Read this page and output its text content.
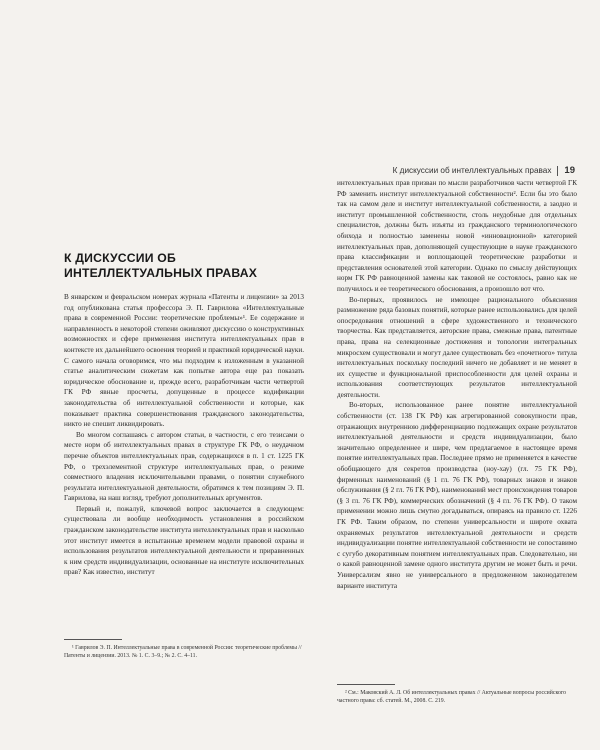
К дискуссии об интеллектуальных правах 19
К ДИСКУССИИ ОБ ИНТЕЛЛЕКТУАЛЬНЫХ ПРАВАХ

В январском и февральском номерах журнала «Патенты и лицензии» за 2013 год опубликована статья профессора Э. П. Гаврилова «Интеллектуальные права в современной России: теоретические проблемы»¹. Ее содержание и направленность в некоторой степени оживляют дискуссию о конструктивных возможностях и сфере применения института интеллектуальных прав в контексте их дальнейшего освоения теорией и практикой юридической науки. С самого начала оговоримся, что мы подходим к изложенным в указанной статье аналитическим сюжетам как попытке автора еще раз показать юридическое обоснование и, прежде всего, разработчикам части четвертой ГК РФ явные просчеты, допущенные в процессе кодификации законодательства об интеллектуальной собственности и которые, как показывает практика совершенствования гражданского законодательства, никто не спешит ликвидировать.

Во многом соглашаясь с автором статьи, в частности, с его тезисами о месте норм об интеллектуальных правах в структуре ГК РФ, о неудачном перечне объектов интеллектуальных прав, содержащихся в п. 1 ст. 1225 ГК РФ, о трехэлементной структуре интеллектуальных прав, о режиме совместного владения исключительными правами, о понятии служебного результата интеллектуальной деятельности, обратимся к тем позициям Э. П. Гаврилова, на наш взгляд, требуют дополнительных аргументов.

Первый и, пожалуй, ключевой вопрос заключается в следующем: существовала ли вообще необходимость установления в российском гражданском законодательстве института интеллектуальных прав и насколько этот институт имеется в испытанные временем модели правовой охраны и использования результатов интеллектуальной деятельности и приравненных к ним средств индивидуализации, основанные на институте исключительных прав? Как известно, институт

¹ Гаврилов Э. П. Интеллектуальные права в современной России: теоретические проблемы // Патенты и лицензии. 2013. № 1. С. 3–9.; № 2. С. 4–11.

интеллектуальных прав призван по мысли разработчиков части четвертой ГК РФ заменить институт интеллектуальной собственности². Если бы это было так на самом деле и институт интеллектуальной собственности, а заодно и институт промышленной собственности, столь неудобные для отдельных специалистов, должны быть изъяты из гражданского терминологического обихода и полностью заменены новой «инновационной» категорией интеллектуальных прав, дополняющей существующие в науке гражданского права классификации и воплощающей теоретические разработки и представления основателей этой категории. Однако по смыслу действующих норм ГК РФ равноценной замены как таковой не состоялось, равно как не получилось и ее теоретического обоснования, а произошло вот что.

Во-первых, проявилось не имеющее рационального объяснения размножение ряда базовых понятий, которые ранее использовались для целей опосредования отношений в сфере художественного и технического творчества. Как представляется, авторские права, смежные права, патентные права, права на селекционные достижения и топологии интегральных микросхем существовали и могут далее существовать без «почетного» титула интеллектуальных поскольку последний ничего не добавляет и не меняет в их существе и функциональной приспособленности для целей охраны и использования соответствующих результатов интеллектуальной деятельности.

Во-вторых, использованное ранее понятие интеллектуальной собственности (ст. 138 ГК РФ) как агрегированной совокупности прав, отражающих внутреннюю дифференциацию подлежащих охране результатов интеллектуальной деятельности и средств индивидуализации, было значительно определеннее и шире, чем предлагаемое в настоящее время понятие интеллектуальных прав. Последнее прямо не применяется в качестве обобщающего для секретов производства (ноу-хау) (гл. 75 ГК РФ), фирменных наименований (§ 1 гл. 76 ГК РФ), товарных знаков и знаков обслуживания (§ 2 гл. 76 ГК РФ), наименований мест происхождения товаров (§ 3 гл. 76 ГК РФ), коммерческих обозначений (§ 4 гл. 76 ГК РФ). О таком применении можно лишь смутно догадываться, опираясь на правило ст. 1226 ГК РФ. Таким образом, по степени универсальности и широте охвата охраняемых результатов интеллектуальной деятельности и средств индивидуализации понятие интеллектуальной собственности не сопоставимо с сугубо декоративным понятием интеллектуальных прав. Следовательно, ни о какой равноценной замене одного института другим не может быть и речи. Универсализм явно не универсального в предложенном законодателем варианте института

² См.: Маковский А. Л. Об интеллектуальных правах // Актуальные вопросы российского частного права: сб. статей. М., 2008. С. 219.
